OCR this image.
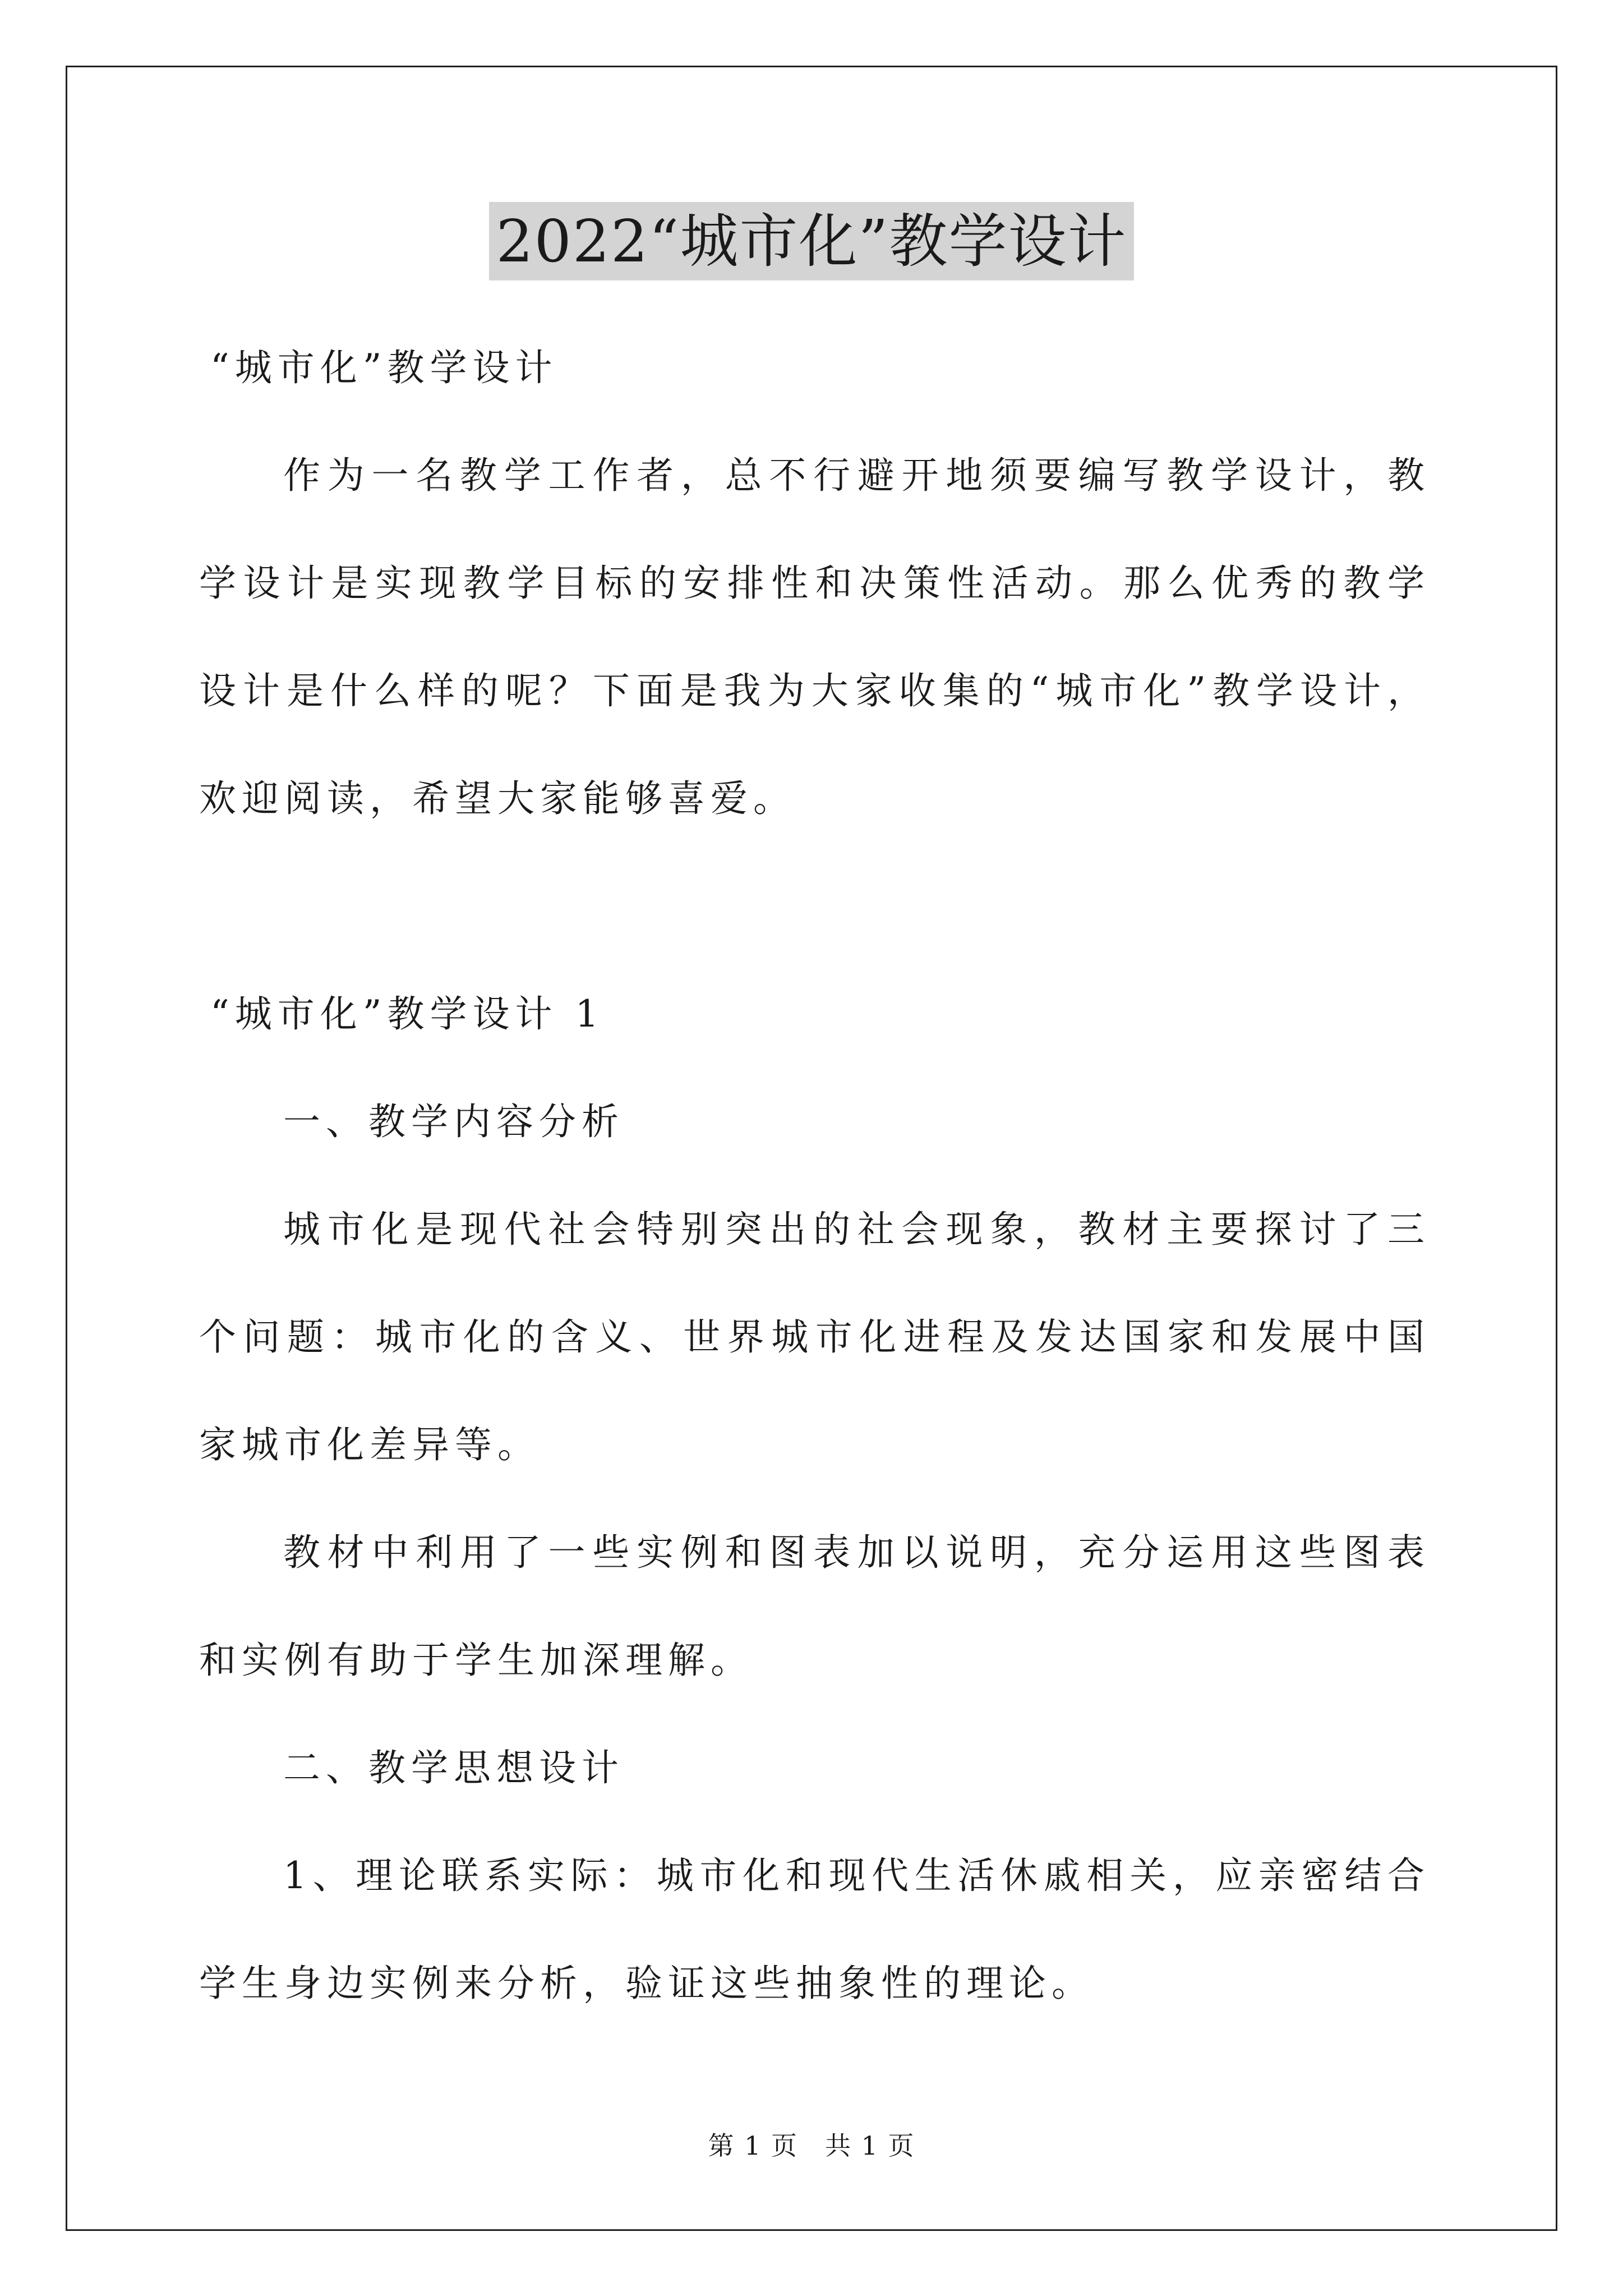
2022“城市化”教学设计

“城市化”教学设计

作为一名教学工作者，总不行避开地须要编写教学设计，教学设计是实现教学目标的安排性和决策性活动。那么优秀的教学设计是什么样的呢？下面是我为大家收集的“城市化”教学设计，欢迎阅读，希望大家能够喜爱。

“城市化”教学设计 1

一、教学内容分析

城市化是现代社会特别突出的社会现象，教材主要探讨了三个问题：城市化的含义、世界城市化进程及发达国家和发展中国家城市化差异等。

教材中利用了一些实例和图表加以说明，充分运用这些图表和实例有助于学生加深理解。

二、教学思想设计

1、理论联系实际：城市化和现代生活休戚相关，应亲密结合学生身边实例来分析，验证这些抽象性的理论。

第 1 页　共 1 页
